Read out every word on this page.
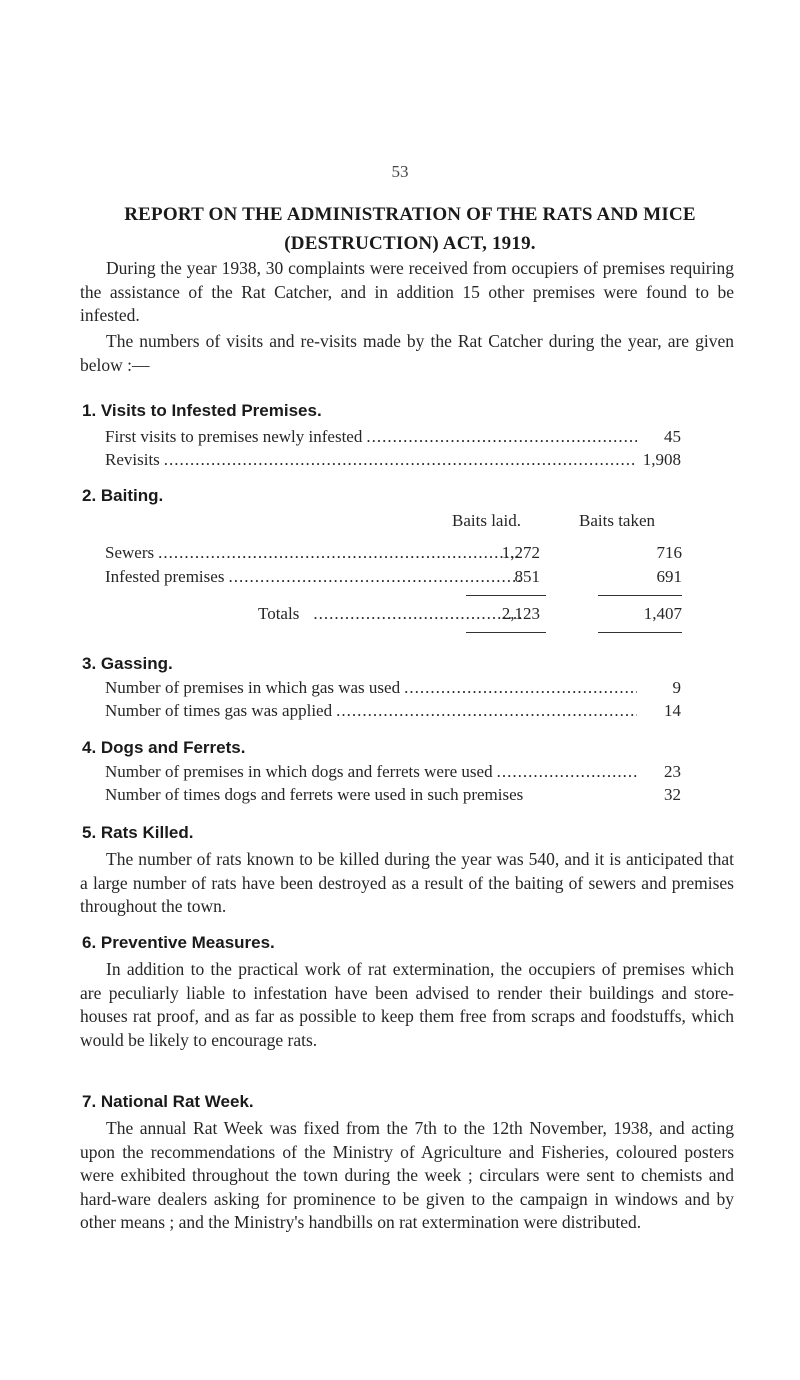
53
REPORT ON THE ADMINISTRATION OF THE RATS AND MICE
(DESTRUCTION) ACT, 1919.
During the year 1938, 30 complaints were received from occupiers of premises requiring the assistance of the Rat Catcher, and in addition 15 other premises were found to be infested.
The numbers of visits and re-visits made by the Rat Catcher during the year, are given below :—
1. Visits to Infested Premises.
First visits to premises newly infested .....	45
Revisits .....	1,908
2. Baiting.
Baits laid.	Baits taken
Sewers .....	1,272	716
Infested premises .....	851	691
Totals .....	2,123	1,407
3. Gassing.
Number of premises in which gas was used .....	9
Number of times gas was applied .....	14
4. Dogs and Ferrets.
Number of premises in which dogs and ferrets were used .....	23
Number of times dogs and ferrets were used in such premises	32
5. Rats Killed.
The number of rats known to be killed during the year was 540, and it is anticipated that a large number of rats have been destroyed as a result of the baiting of sewers and premises throughout the town.
6. Preventive Measures.
In addition to the practical work of rat extermination, the occupiers of premises which are peculiarly liable to infestation have been advised to render their buildings and store-houses rat proof, and as far as possible to keep them free from scraps and foodstuffs, which would be likely to encourage rats.
7. National Rat Week.
The annual Rat Week was fixed from the 7th to the 12th November, 1938, and acting upon the recommendations of the Ministry of Agriculture and Fisheries, coloured posters were exhibited throughout the town during the week ; circulars were sent to chemists and hard-ware dealers asking for prominence to be given to the campaign in windows and by other means ; and the Ministry's handbills on rat extermination were distributed.
